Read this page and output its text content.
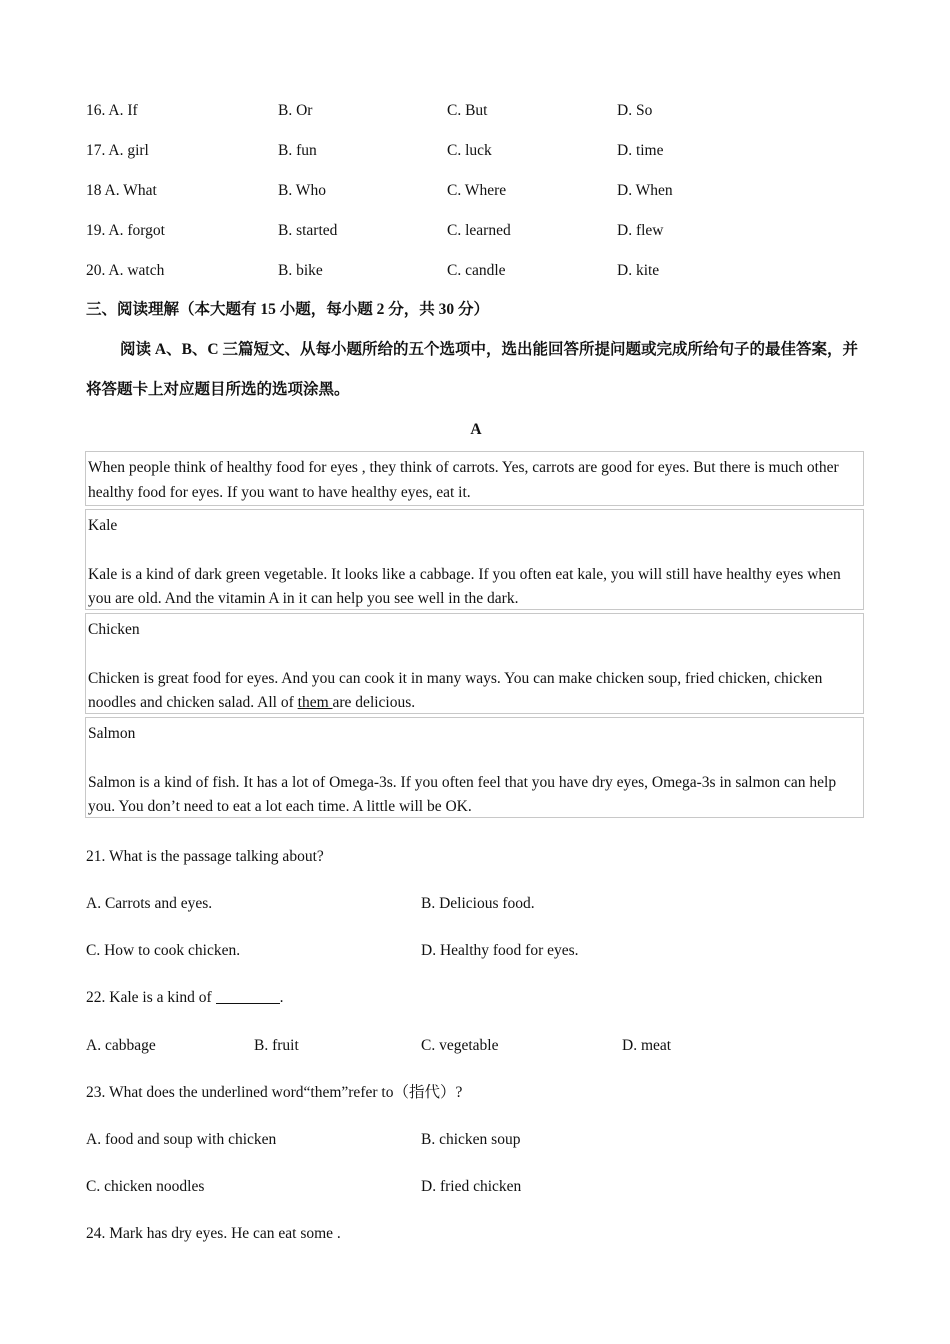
16. A. If	B. Or	C. But	D. So
17. A. girl	B. fun	C. luck	D. time
18 A. What	B. Who	C. Where	D. When
19. A. forgot	B. started	C. learned	D. flew
20. A. watch	B. bike	C. candle	D. kite
三、阅读理解（本大题有 15 小题，每小题 2 分，共 30 分）
阅读 A、B、C 三篇短文、从每小题所给的五个选项中，选出能回答所提问题或完成所给句子的最佳答案，并将答题卡上对应题目所选的选项涂黑。
A
When people think of healthy food for eyes , they think of carrots. Yes, carrots are good for eyes. But there is much other healthy food for eyes. If you want to have healthy eyes, eat it.
Kale
Kale is a kind of dark green vegetable. It looks like a cabbage. If you often eat kale, you will still have healthy eyes when you are old. And the vitamin A in it can help you see well in the dark.
Chicken
Chicken is great food for eyes. And you can cook it in many ways. You can make chicken soup, fried chicken, chicken noodles and chicken salad. All of them are delicious.
Salmon
Salmon is a kind of fish. It has a lot of Omega-3s. If you often feel that you have dry eyes, Omega-3s in salmon can help you. You don’t need to eat a lot each time. A little will be OK.
21. What is the passage talking about?
A. Carrots and eyes.	B. Delicious food.
C. How to cook chicken.	D. Healthy food for eyes.
22. Kale is a kind of	.
A. cabbage	B. fruit	C. vegetable	D. meat
23. What does the underlined word“them”refer to（指代）?
A. food and soup with chicken	B. chicken soup
C. chicken noodles	D. fried chicken
24. Mark has dry eyes. He can eat some .
